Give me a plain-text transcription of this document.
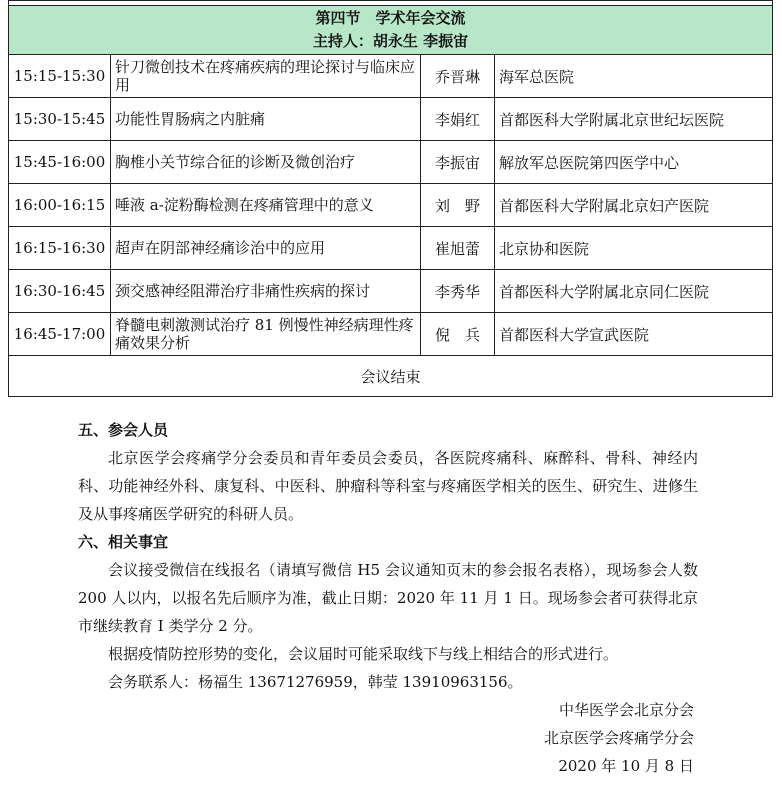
第四节　学术年会交流
主持人：胡永生 李振宙			

15:15-15:30	针刀微创技术在疼痛疾病的理论探讨与临床应用	乔晋琳	海军总医院
15:30-15:45	功能性胃肠病之内脏痛	李娟红	首都医科大学附属北京世纪坛医院
15:45-16:00	胸椎小关节综合征的诊断及微创治疗	李振宙	解放军总医院第四医学中心
16:00-16:15	唾液 a-淀粉酶检测在疼痛管理中的意义	刘　野	首都医科大学附属北京妇产医院
16:15-16:30	超声在阴部神经痛诊治中的应用	崔旭蕾	北京协和医院
16:30-16:45	颈交感神经阻滞治疗非痛性疾病的探讨	李秀华	首都医科大学附属北京同仁医院
16:45-17:00	脊髓电刺激测试治疗 81 例慢性神经病理性疼痛效果分析	倪　兵	首都医科大学宣武医院
会议结束			

五、参会人员

北京医学会疼痛学分会委员和青年委员会委员，各医院疼痛科、麻醉科、骨科、神经内科、功能神经外科、康复科、中医科、肿瘤科等科室与疼痛医学相关的医生、研究生、进修生及从事疼痛医学研究的科研人员。

六、相关事宜

会议接受微信在线报名（请填写微信 H5 会议通知页末的参会报名表格），现场参会人数 200 人以内，以报名先后顺序为准，截止日期：2020 年 11 月 1 日。现场参会者可获得北京市继续教育 I 类学分 2 分。

根据疫情防控形势的变化，会议届时可能采取线下与线上相结合的形式进行。

会务联系人：杨福生 13671276959，韩莹 13910963156。

中华医学会北京分会

北京医学会疼痛学分会

2020 年 10 月 8 日
